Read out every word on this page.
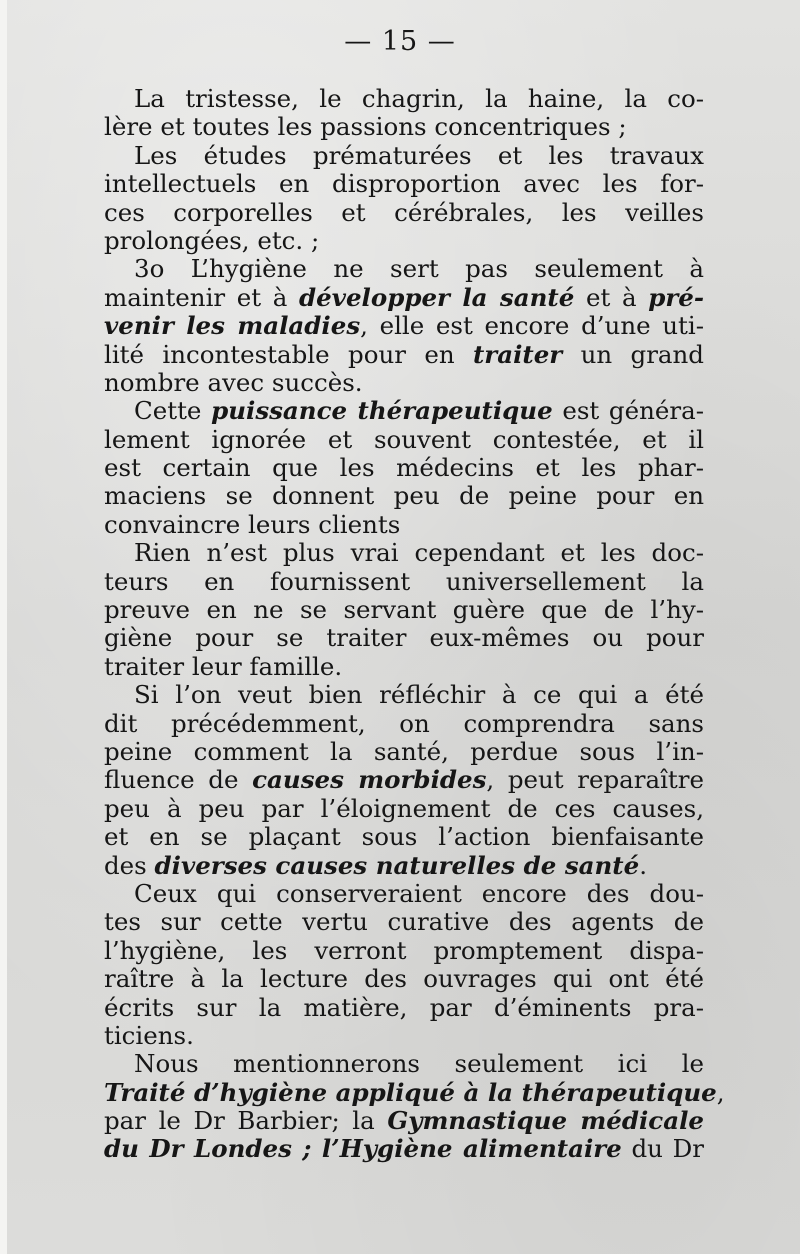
— 15 —
La tristesse, le chagrin, la haine, la co-
lère et toutes les passions concentriques ;
Les études prématurées et les travaux
intellectuels en disproportion avec les for-
ces corporelles et cérébrales, les veilles
prolongées, etc. ;
3o L’hygiène ne sert pas seulement à
maintenir et à développer la santé et à pré-
venir les maladies, elle est encore d’une uti-
lité incontestable pour en traiter un grand
nombre avec succès.
Cette puissance thérapeutique est généra-
lement ignorée et souvent contestée, et il
est certain que les médecins et les phar-
maciens se donnent peu de peine pour en
convaincre leurs clients
Rien n’est plus vrai cependant et les doc-
teurs en fournissent universellement la
preuve en ne se servant guère que de l’hy-
giène pour se traiter eux-mêmes ou pour
traiter leur famille.
Si l’on veut bien réfléchir à ce qui a été
dit précédemment, on comprendra sans
peine comment la santé, perdue sous l’in-
fluence de causes morbides, peut reparaître
peu à peu par l’éloignement de ces causes,
et en se plaçant sous l’action bienfaisante
des diverses causes naturelles de santé.
Ceux qui conserveraient encore des dou-
tes sur cette vertu curative des agents de
l’hygiène, les verront promptement dispa-
raître à la lecture des ouvrages qui ont été
écrits sur la matière, par d’éminents pra-
ticiens.
Nous mentionnerons seulement ici le
Traité d’hygiène appliqué à la thérapeutique,
par le Dr Barbier; la Gymnastique médicale
du Dr Londes ; l’Hygiène alimentaire du Dr
